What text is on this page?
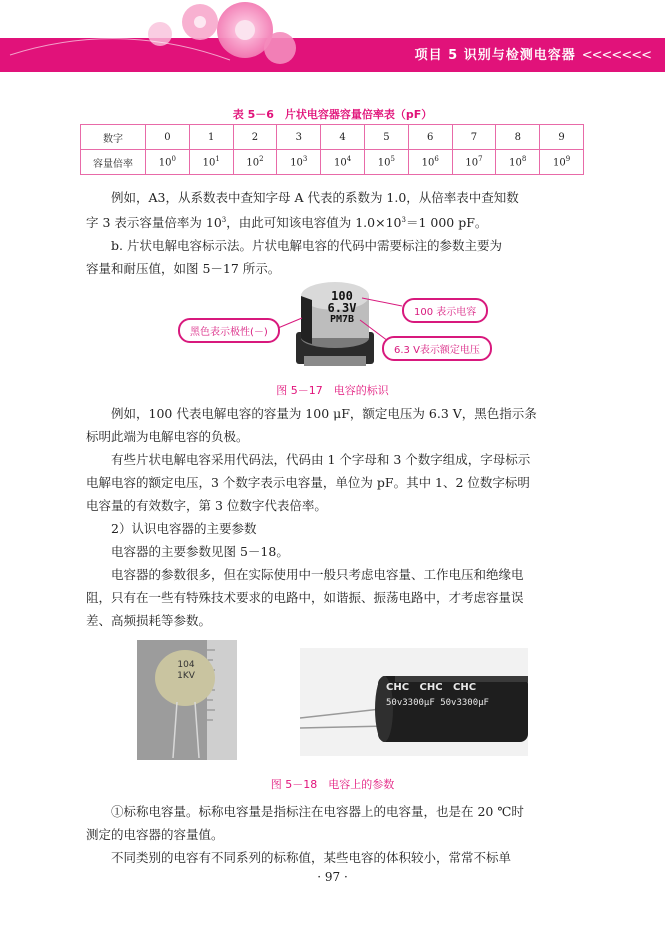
项目 5 识别与检测电容器 <<<<<<<
表 5－6　片状电容器容量倍率表（pF）
数字	0	1	2	3	4	5	6	7	8	9
容量倍率	$10^0$	$10^1$	$10^2$	$10^3$	$10^4$	$10^5$	$10^6$	$10^7$	$10^8$	$10^9$
例如，A3，从系数表中查知字母 A 代表的系数为 1.0，从倍率表中查知数
字 3 表示容量倍率为 $10^3$，由此可知该电容值为 $1.0\times 10^3=1$ 000 pF。
b. 片状电解电容标示法。片状电解电容的代码中需要标注的参数主要为
容量和耐压值，如图 5－17 所示。
100
6.3V
PM7B
100 表示电容
黑色表示极性(－)
6.3 V表示额定电压
图 5－17　电容的标识
例如，100 代表电解电容的容量为 100 μF，额定电压为 6.3 V，黑色指示条
标明此端为电解电容的负极。
有些片状电解电容采用代码法，代码由 1 个字母和 3 个数字组成，字母标示
电解电容的额定电压，3 个数字表示电容量，单位为 pF。其中 1、2 位数字标明
电容量的有效数字，第 3 位数字代表倍率。
2）认识电容器的主要参数
电容器的主要参数见图 5－18。
电容器的参数很多，但在实际使用中一般只考虑电容量、工作电压和绝缘电
阻，只有在一些有特殊技术要求的电路中，如谐振、振荡电路中，才考虑容量误
差、高频损耗等参数。
104
1KV
CHC CHC CHC
50v3300μF 50v3300μF
图 5－18　电容上的参数
①标称电容量。标称电容量是指标注在电容器上的电容量，也是在 20 ℃时
测定的电容器的容量值。
不同类别的电容有不同系列的标称值，某些电容的体积较小，常常不标单
· 97 ·
